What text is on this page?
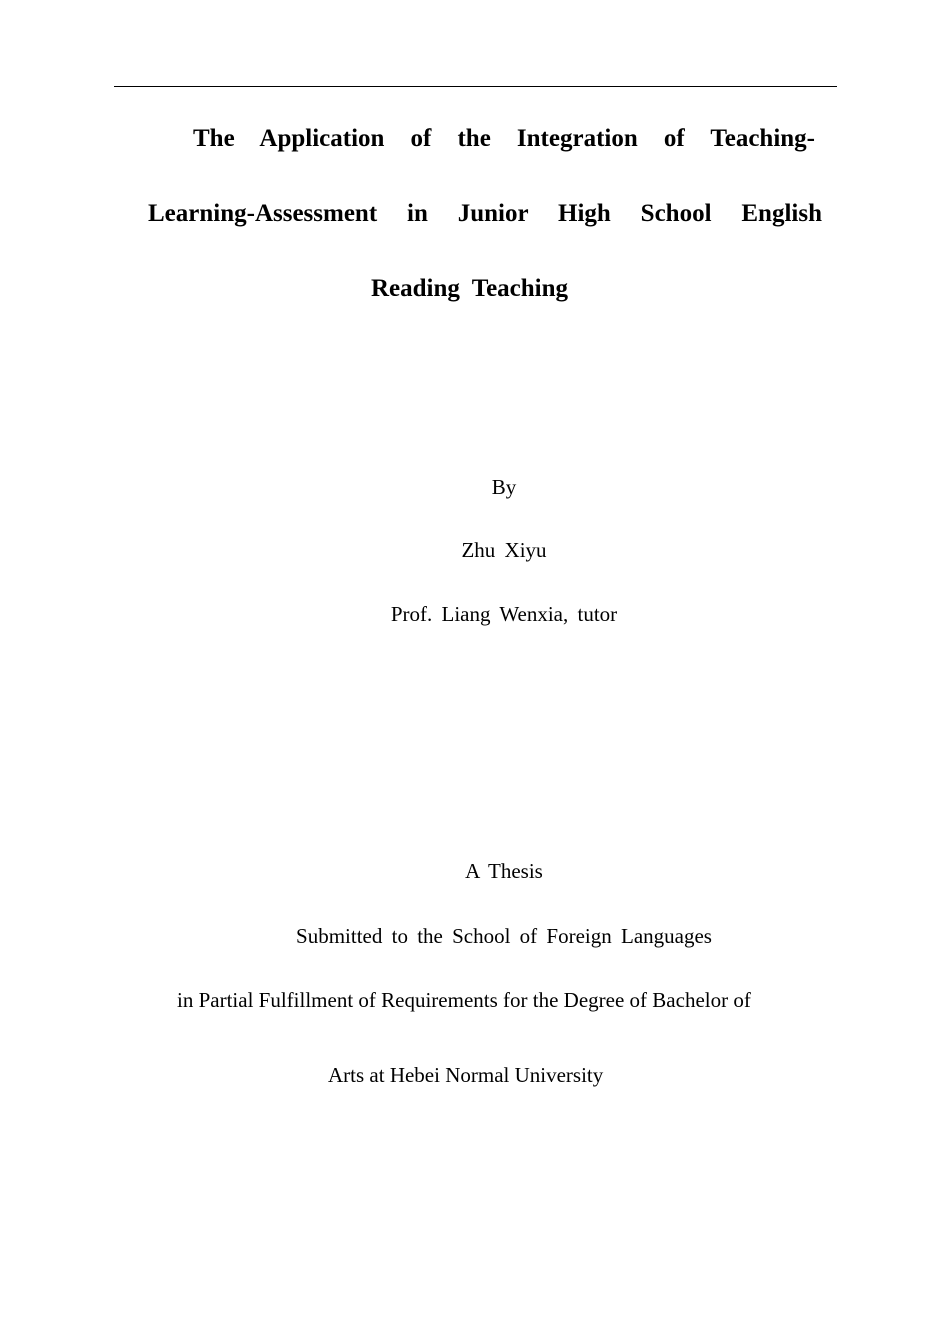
The Application of the Integration of Teaching-
Learning-Assessment in Junior High School English
Reading Teaching
By
Zhu Xiyu
Prof. Liang Wenxia, tutor
A Thesis
Submitted to the School of Foreign Languages
in Partial Fulfillment of Requirements for the Degree of Bachelor of
Arts at Hebei Normal University
